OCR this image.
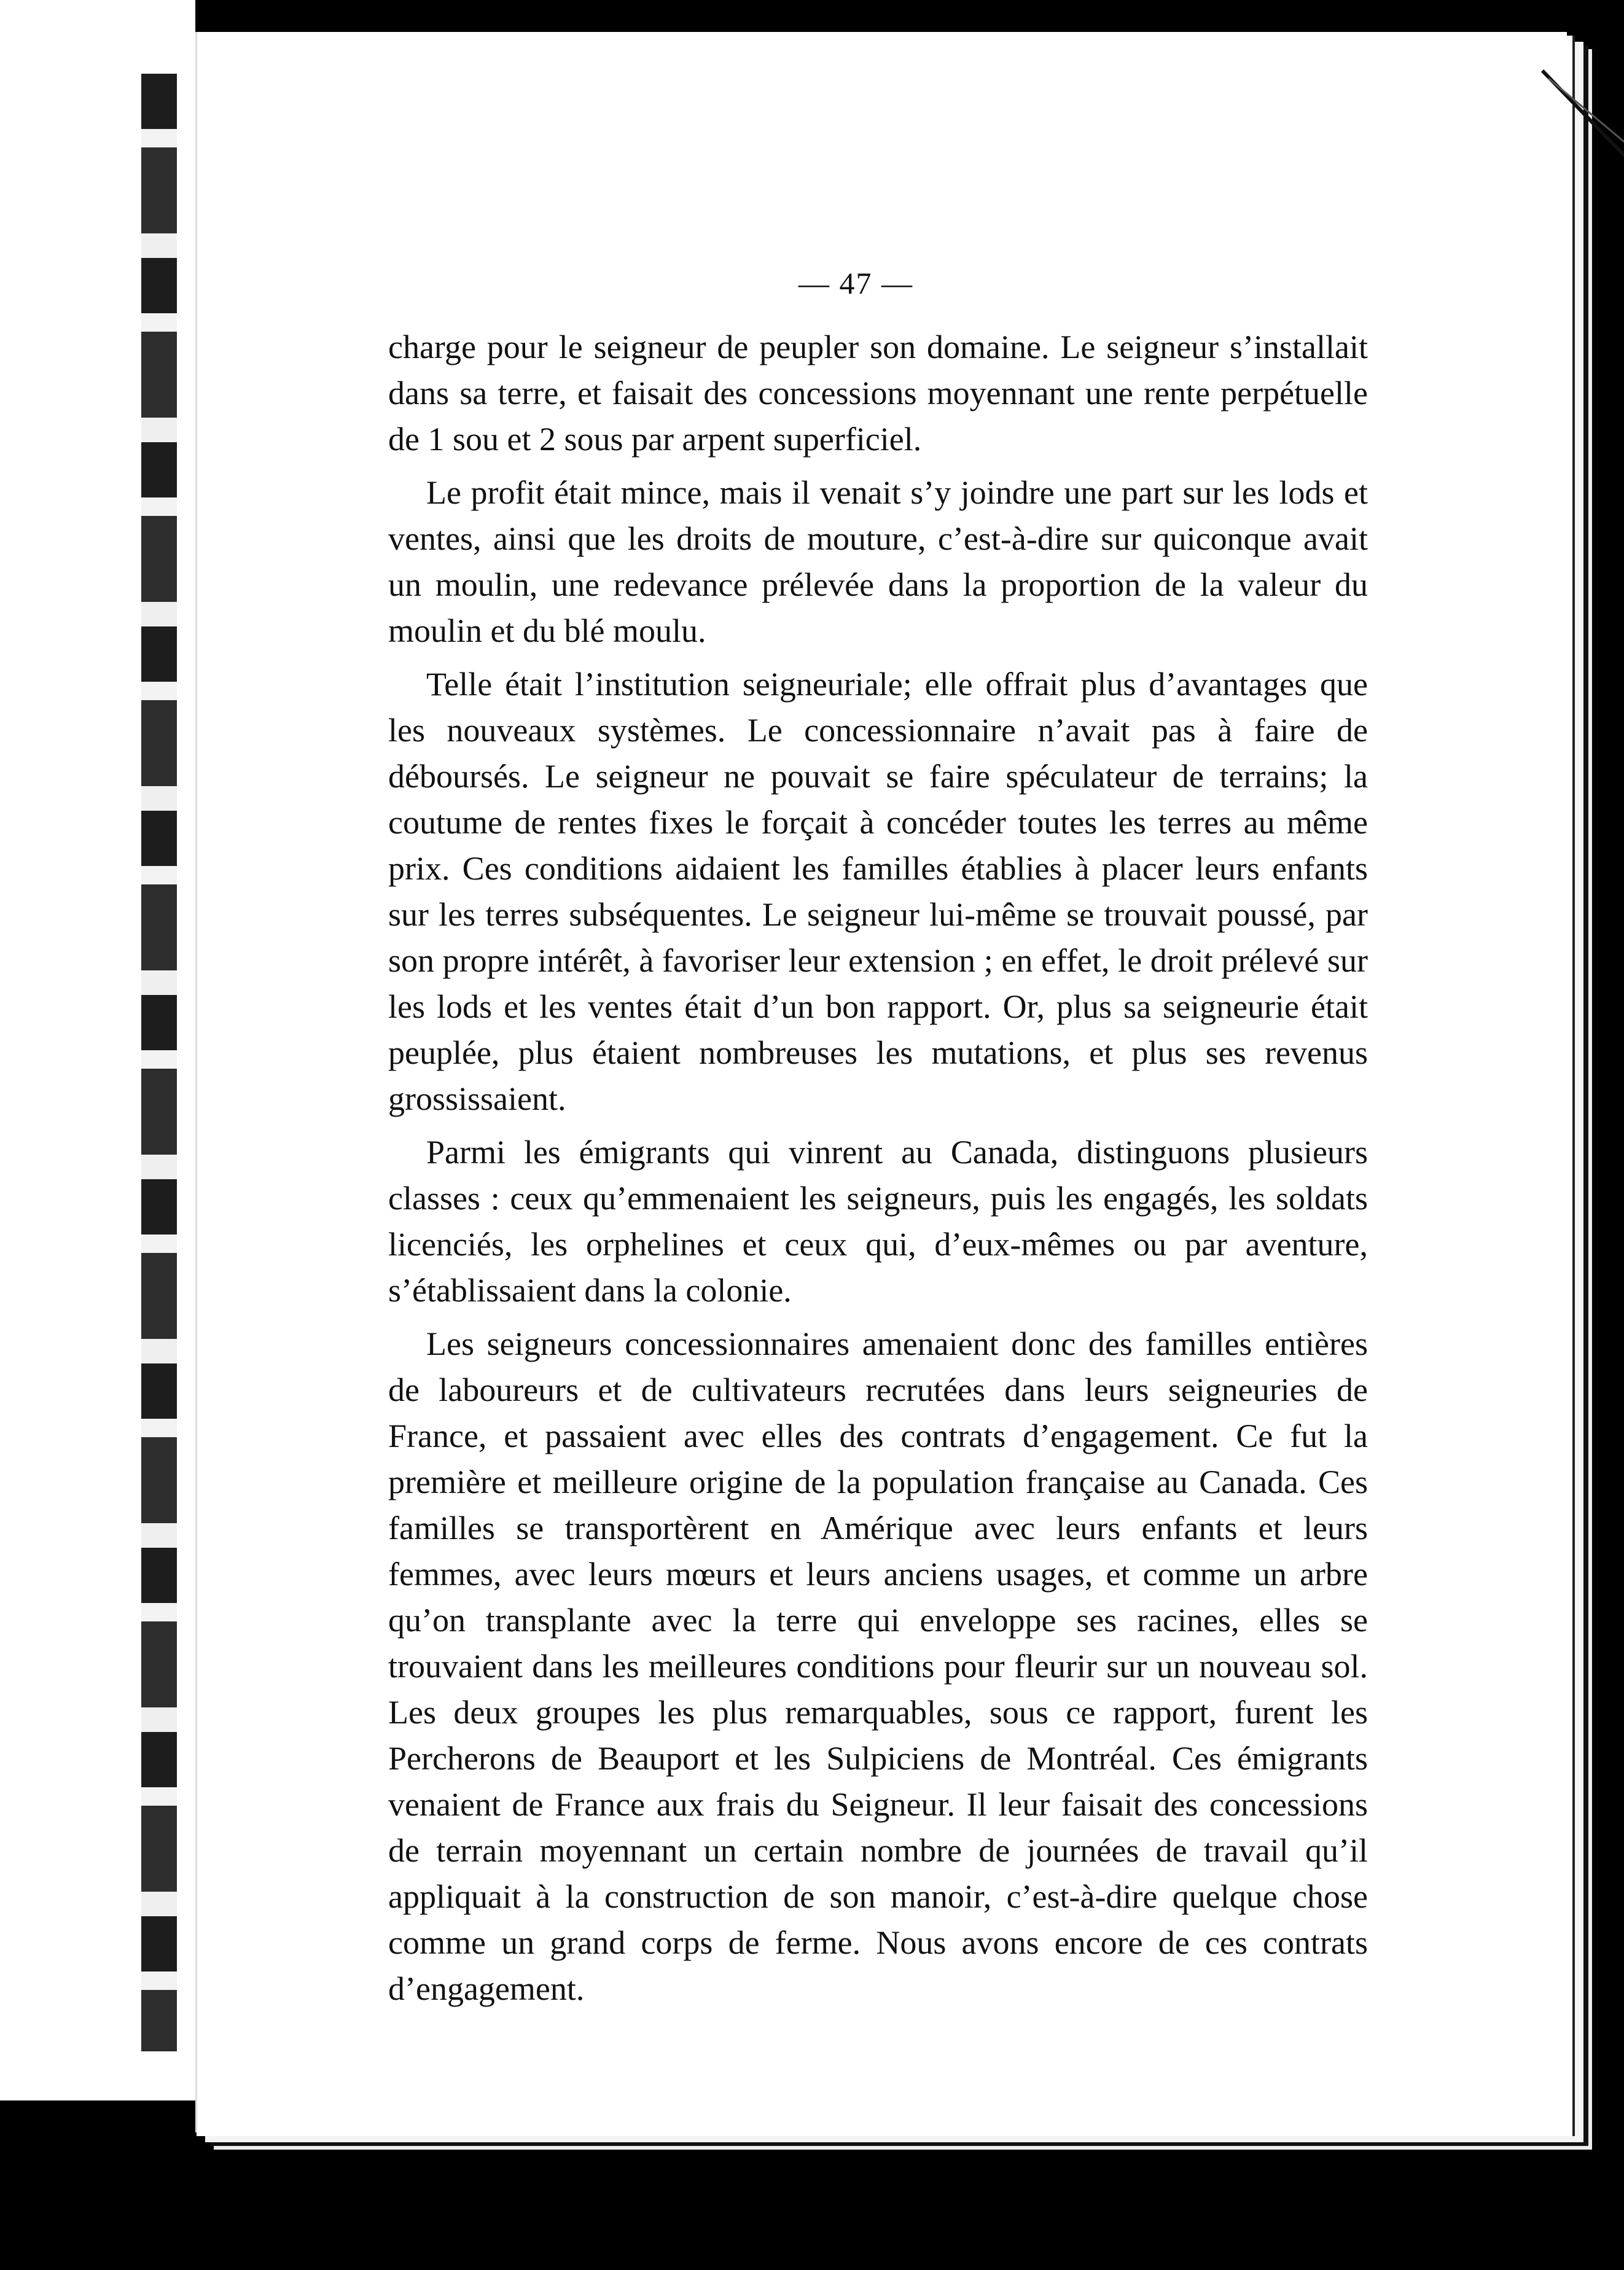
— 47 —

charge pour le seigneur de peupler son domaine. Le seigneur s’installait dans sa terre, et faisait des concessions moyennant une rente perpétuelle de 1 sou et 2 sous par arpent superficiel.

Le profit était mince, mais il venait s’y joindre une part sur les lods et ventes, ainsi que les droits de mouture, c’est-à-dire sur quiconque avait un moulin, une redevance prélevée dans la proportion de la valeur du moulin et du blé moulu.

Telle était l’institution seigneuriale; elle offrait plus d’avantages que les nouveaux systèmes. Le concessionnaire n’avait pas à faire de déboursés. Le seigneur ne pouvait se faire spéculateur de terrains; la coutume de rentes fixes le forçait à concéder toutes les terres au même prix. Ces conditions aidaient les familles établies à placer leurs enfants sur les terres subséquentes. Le seigneur lui-même se trouvait poussé, par son propre intérêt, à favoriser leur extension ; en effet, le droit prélevé sur les lods et les ventes était d’un bon rapport. Or, plus sa seigneurie était peuplée, plus étaient nombreuses les mutations, et plus ses revenus grossissaient.

Parmi les émigrants qui vinrent au Canada, distinguons plusieurs classes : ceux qu’emmenaient les seigneurs, puis les engagés, les soldats licenciés, les orphelines et ceux qui, d’eux-mêmes ou par aventure, s’établissaient dans la colonie.

Les seigneurs concessionnaires amenaient donc des familles entières de laboureurs et de cultivateurs recrutées dans leurs seigneuries de France, et passaient avec elles des contrats d’engagement. Ce fut la première et meilleure origine de la population française au Canada. Ces familles se transportèrent en Amérique avec leurs enfants et leurs femmes, avec leurs mœurs et leurs anciens usages, et comme un arbre qu’on transplante avec la terre qui enveloppe ses racines, elles se trouvaient dans les meilleures conditions pour fleurir sur un nouveau sol. Les deux groupes les plus remarquables, sous ce rapport, furent les Percherons de Beauport et les Sulpiciens de Montréal. Ces émigrants venaient de France aux frais du Seigneur. Il leur faisait des concessions de terrain moyennant un certain nombre de journées de travail qu’il appliquait à la construction de son manoir, c’est-à-dire quelque chose comme un grand corps de ferme. Nous avons encore de ces contrats d’engagement.
